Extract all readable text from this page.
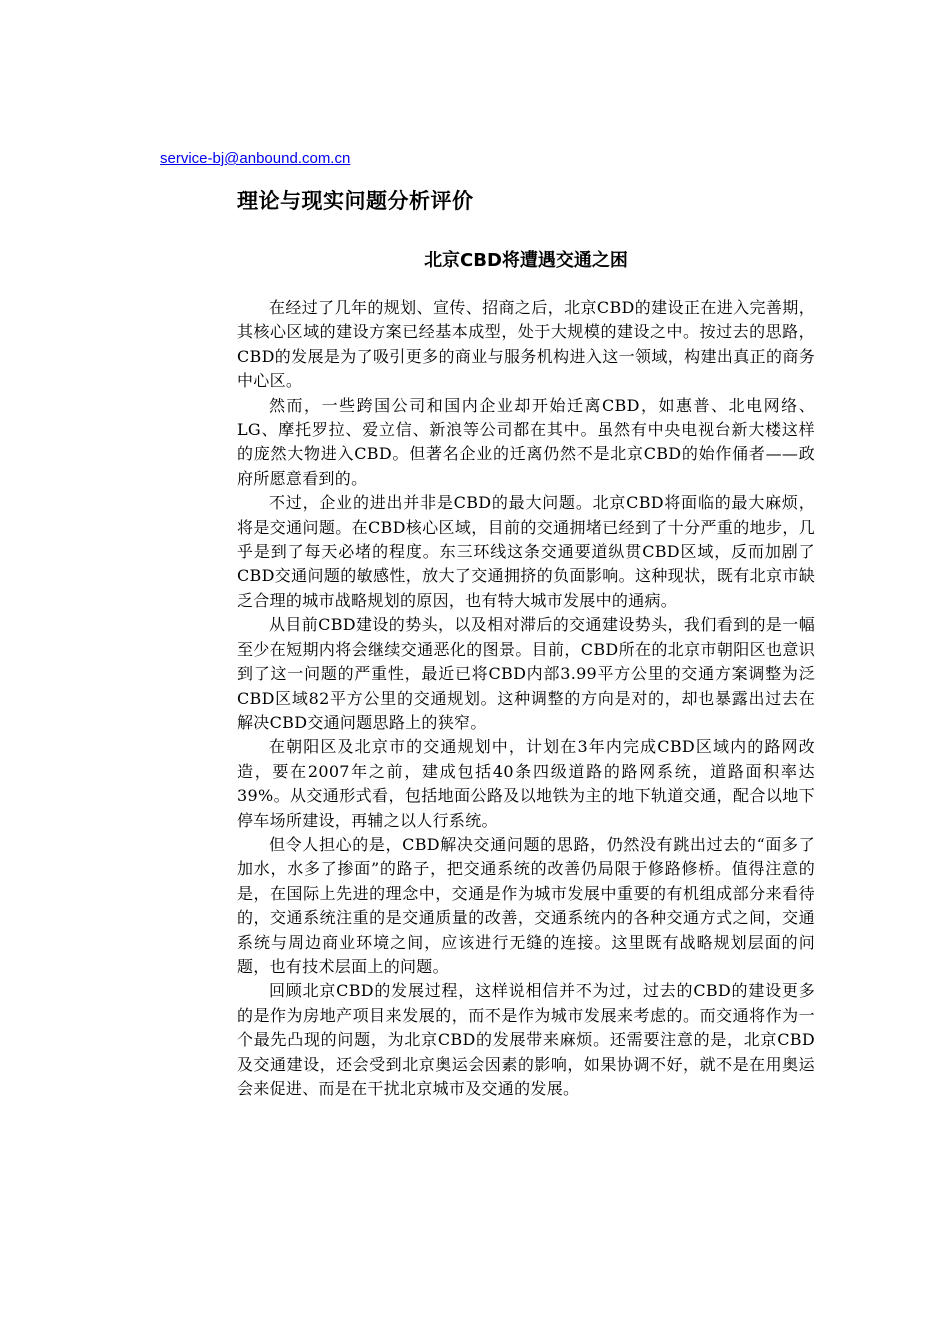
service-bj@anbound.com.cn
理论与现实问题分析评价
北京CBD将遭遇交通之困

在经过了几年的规划、宣传、招商之后，北京CBD的建设正在进入完善期，其核心区域的建设方案已经基本成型，处于大规模的建设之中。按过去的思路，CBD的发展是为了吸引更多的商业与服务机构进入这一领域，构建出真正的商务中心区。

然而，一些跨国公司和国内企业却开始迁离CBD，如惠普、北电网络、LG、摩托罗拉、爱立信、新浪等公司都在其中。虽然有中央电视台新大楼这样的庞然大物进入CBD。但著名企业的迁离仍然不是北京CBD的始作俑者——政府所愿意看到的。

不过，企业的进出并非是CBD的最大问题。北京CBD将面临的最大麻烦，将是交通问题。在CBD核心区域，目前的交通拥堵已经到了十分严重的地步，几乎是到了每天必堵的程度。东三环线这条交通要道纵贯CBD区域，反而加剧了CBD交通问题的敏感性，放大了交通拥挤的负面影响。这种现状，既有北京市缺乏合理的城市战略规划的原因，也有特大城市发展中的通病。

从目前CBD建设的势头，以及相对滞后的交通建设势头，我们看到的是一幅至少在短期内将会继续交通恶化的图景。目前，CBD所在的北京市朝阳区也意识到了这一问题的严重性，最近已将CBD内部3.99平方公里的交通方案调整为泛CBD区域82平方公里的交通规划。这种调整的方向是对的，却也暴露出过去在解决CBD交通问题思路上的狭窄。

在朝阳区及北京市的交通规划中，计划在3年内完成CBD区域内的路网改造，要在2007年之前，建成包括40条四级道路的路网系统，道路面积率达39%。从交通形式看，包括地面公路及以地铁为主的地下轨道交通，配合以地下停车场所建设，再辅之以人行系统。

但令人担心的是，CBD解决交通问题的思路，仍然没有跳出过去的“面多了加水，水多了掺面”的路子，把交通系统的改善仍局限于修路修桥。值得注意的是，在国际上先进的理念中，交通是作为城市发展中重要的有机组成部分来看待的，交通系统注重的是交通质量的改善，交通系统内的各种交通方式之间，交通系统与周边商业环境之间，应该进行无缝的连接。这里既有战略规划层面的问题，也有技术层面上的问题。

回顾北京CBD的发展过程，这样说相信并不为过，过去的CBD的建设更多的是作为房地产项目来发展的，而不是作为城市发展来考虑的。而交通将作为一个最先凸现的问题，为北京CBD的发展带来麻烦。还需要注意的是，北京CBD及交通建设，还会受到北京奥运会因素的影响，如果协调不好，就不是在用奥运会来促进、而是在干扰北京城市及交通的发展。
